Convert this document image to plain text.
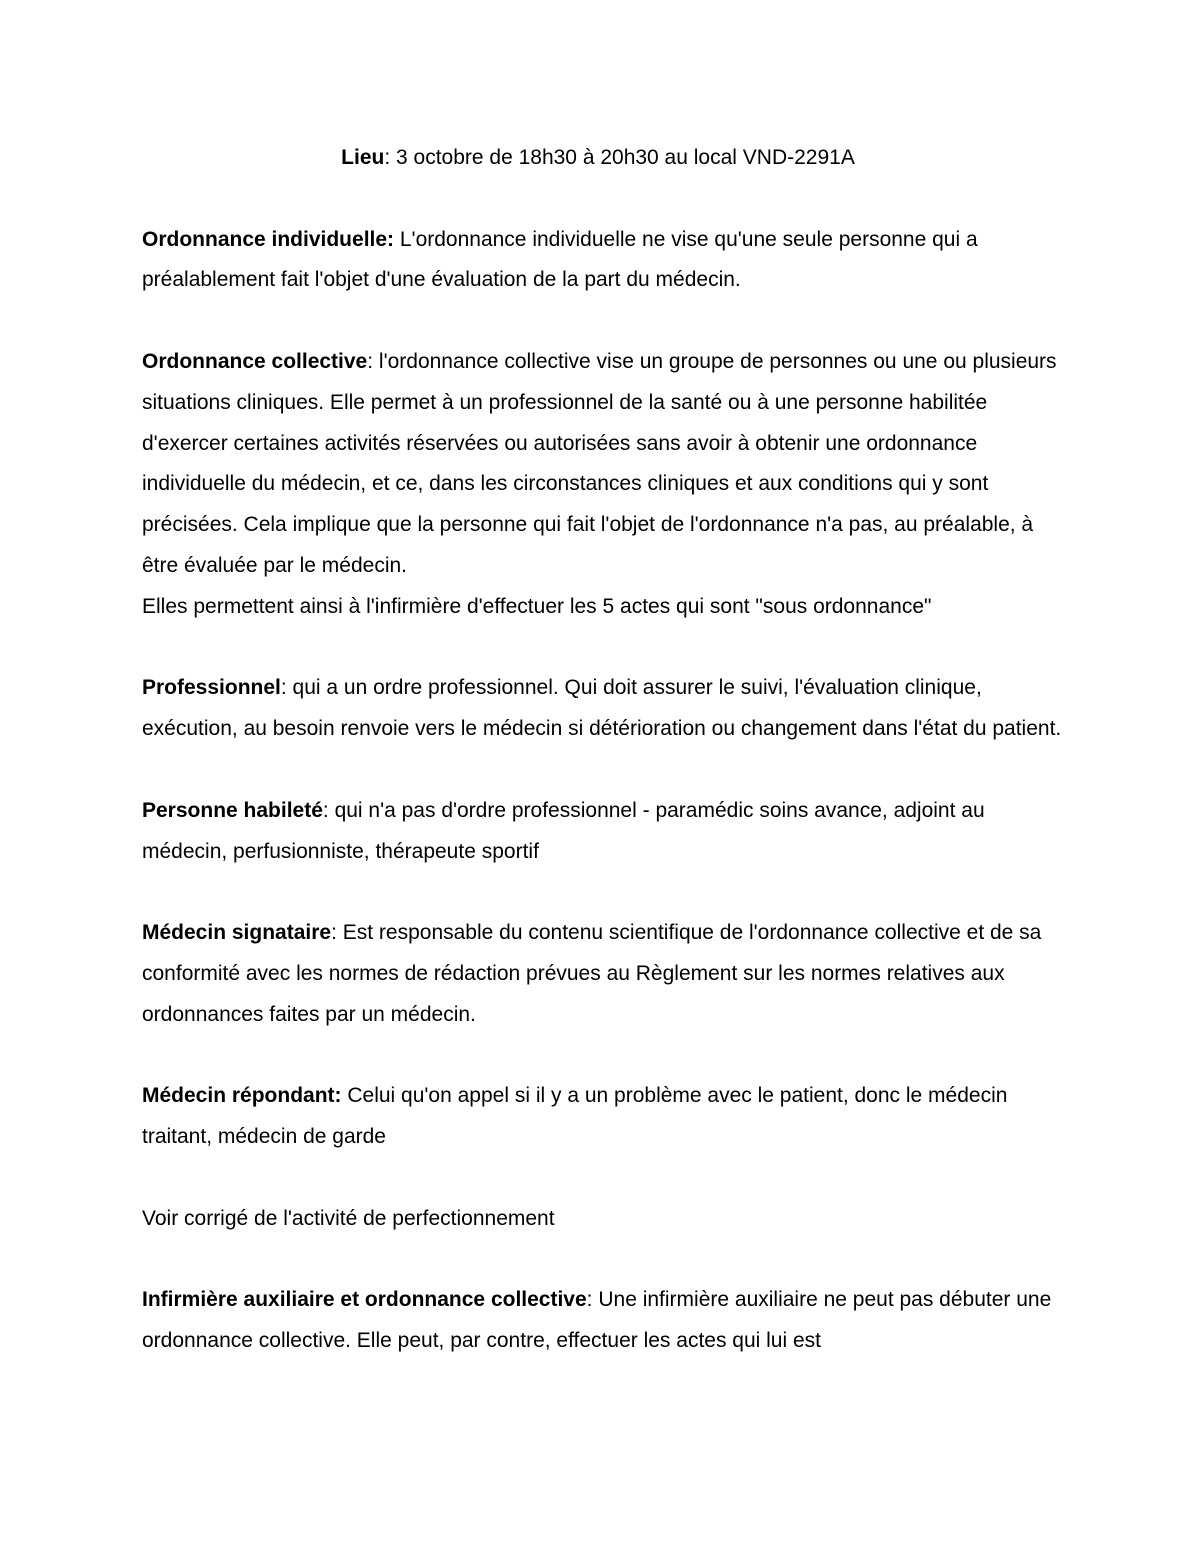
Lieu: 3 octobre de 18h30 à 20h30 au local VND-2291A

Ordonnance individuelle: L'ordonnance individuelle ne vise qu'une seule personne qui a préalablement fait l'objet d'une évaluation de la part du médecin.

Ordonnance collective: l'ordonnance collective vise un groupe de personnes ou une ou plusieurs situations cliniques. Elle permet à un professionnel de la santé ou à une personne habilitée d'exercer certaines activités réservées ou autorisées sans avoir à obtenir une ordonnance individuelle du médecin, et ce, dans les circonstances cliniques et aux conditions qui y sont précisées. Cela implique que la personne qui fait l'objet de l'ordonnance n'a pas, au préalable, à être évaluée par le médecin.

Elles permettent ainsi à l'infirmière d'effectuer les 5 actes qui sont "sous ordonnance"

Professionnel: qui a un ordre professionnel. Qui doit assurer le suivi, l'évaluation clinique, exécution, au besoin renvoie vers le médecin si détérioration ou changement dans l'état du patient.

Personne habileté: qui n'a pas d'ordre professionnel - paramédic soins avance, adjoint au médecin, perfusionniste, thérapeute sportif

Médecin signataire: Est responsable du contenu scientifique de l'ordonnance collective et de sa conformité avec les normes de rédaction prévues au Règlement sur les normes relatives aux ordonnances faites par un médecin.

Médecin répondant: Celui qu'on appel si il y a un problème avec le patient, donc le médecin traitant, médecin de garde

Voir corrigé de l'activité de perfectionnement

Infirmière auxiliaire et ordonnance collective: Une infirmière auxiliaire ne peut pas débuter une ordonnance collective. Elle peut, par contre, effectuer les actes qui lui est
